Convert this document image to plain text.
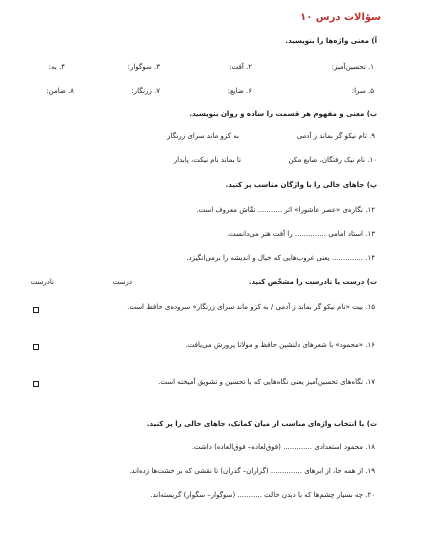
سؤالات درس ۱۰
آ) معنی واژه‌ها را بنویسید.
۱. تحسین‌آمیز:
۲. آفت:
۳. سوگوار:
۴. به:
۵. سرا:
۶. ضایع:
۷. زرنگار:
۸. ضامن:
ب) معنی و مفهوم هر قسمت را ساده و روان بنویسید.
۹. تام نیکو گر بماند ز آدمی
به کزو ماند سرای زرنگار
۱۰. نام نیک رفتگان، ضایع مکن
تا بماند نام نیکت، پایدار
پ) جاهای خالی را با واژگان مناسب پر کنید.
۱۲. نگاره‌ی «عصر عاشورا» اثر ........... نقّاش معروف است.
۱۳. استاد امامی .............. را آفت هنر می‌دانست.
۱۴. .............. یعنی غروب‌هایی که خیال و اندیشه را برمی‌انگیزد.
ت) درست یا نادرست را مشخّص کنید.
درست
نادرست
۱۵. بیت «نام نیکو گر بماند ز آدمی / به کزو ماند سرای زرنگار» سروده‌ی حافظ است.
۱۶. «محمود» با شعرهای دلنشین حافظ و مولانا پرورش می‌یافت.
۱۷. نگاه‌های تحسین‌آمیز یعنی نگاه‌هایی که با تحسین و تشویق آمیخته است.
ث) با انتخاب واژه‌ای مناسب از میان کمانک، جاهای خالی را پر کنید.
۱۸. محمود استعدادی ............. (فوق‌لعاده– فوق‌العاده) داشت.
۱۹. از همه جا، از ابرهای .............. (گزاران– گذران) تا نقشی که بر خشت‌ها زده‌اند.
۲۰. چه بسیار چشم‌ها که با دیدن حالت ........... (سوگوار– سگوار) گریسته‌اند.
